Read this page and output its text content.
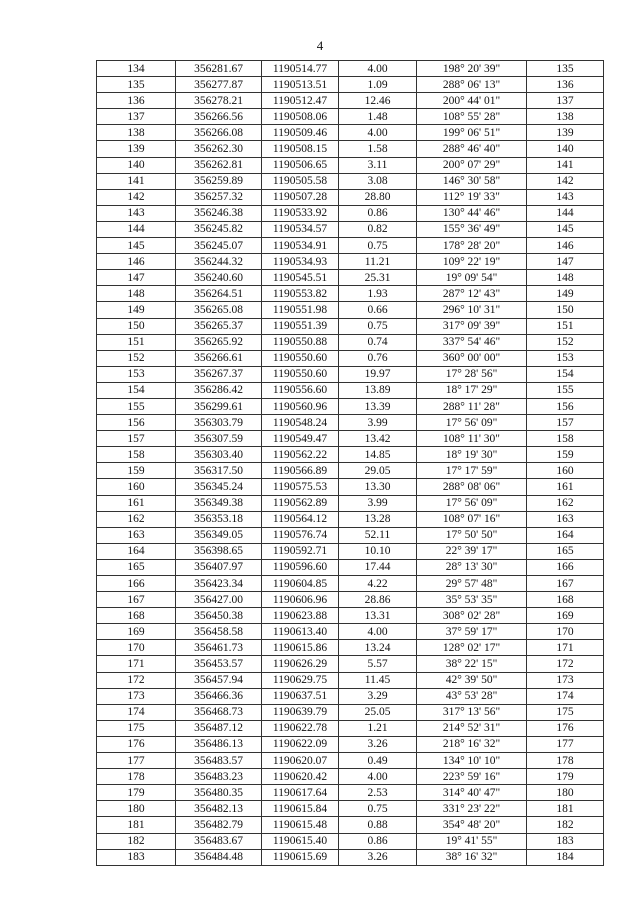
4
134	356281.67	1190514.77	4.00	198° 20' 39"	135
135	356277.87	1190513.51	1.09	288° 06' 13"	136
136	356278.21	1190512.47	12.46	200° 44' 01"	137
137	356266.56	1190508.06	1.48	108° 55' 28"	138
138	356266.08	1190509.46	4.00	199° 06' 51"	139
139	356262.30	1190508.15	1.58	288° 46' 40"	140
140	356262.81	1190506.65	3.11	200° 07' 29"	141
141	356259.89	1190505.58	3.08	146° 30' 58"	142
142	356257.32	1190507.28	28.80	112° 19' 33"	143
143	356246.38	1190533.92	0.86	130° 44' 46"	144
144	356245.82	1190534.57	0.82	155° 36' 49"	145
145	356245.07	1190534.91	0.75	178° 28' 20"	146
146	356244.32	1190534.93	11.21	109° 22' 19"	147
147	356240.60	1190545.51	25.31	19° 09' 54"	148
148	356264.51	1190553.82	1.93	287° 12' 43"	149
149	356265.08	1190551.98	0.66	296° 10' 31"	150
150	356265.37	1190551.39	0.75	317° 09' 39"	151
151	356265.92	1190550.88	0.74	337° 54' 46"	152
152	356266.61	1190550.60	0.76	360° 00' 00"	153
153	356267.37	1190550.60	19.97	17° 28' 56"	154
154	356286.42	1190556.60	13.89	18° 17' 29"	155
155	356299.61	1190560.96	13.39	288° 11' 28"	156
156	356303.79	1190548.24	3.99	17° 56' 09"	157
157	356307.59	1190549.47	13.42	108° 11' 30"	158
158	356303.40	1190562.22	14.85	18° 19' 30"	159
159	356317.50	1190566.89	29.05	17° 17' 59"	160
160	356345.24	1190575.53	13.30	288° 08' 06"	161
161	356349.38	1190562.89	3.99	17° 56' 09"	162
162	356353.18	1190564.12	13.28	108° 07' 16"	163
163	356349.05	1190576.74	52.11	17° 50' 50"	164
164	356398.65	1190592.71	10.10	22° 39' 17"	165
165	356407.97	1190596.60	17.44	28° 13' 30"	166
166	356423.34	1190604.85	4.22	29° 57' 48"	167
167	356427.00	1190606.96	28.86	35° 53' 35"	168
168	356450.38	1190623.88	13.31	308° 02' 28"	169
169	356458.58	1190613.40	4.00	37° 59' 17"	170
170	356461.73	1190615.86	13.24	128° 02' 17"	171
171	356453.57	1190626.29	5.57	38° 22' 15"	172
172	356457.94	1190629.75	11.45	42° 39' 50"	173
173	356466.36	1190637.51	3.29	43° 53' 28"	174
174	356468.73	1190639.79	25.05	317° 13' 56"	175
175	356487.12	1190622.78	1.21	214° 52' 31"	176
176	356486.13	1190622.09	3.26	218° 16' 32"	177
177	356483.57	1190620.07	0.49	134° 10' 10"	178
178	356483.23	1190620.42	4.00	223° 59' 16"	179
179	356480.35	1190617.64	2.53	314° 40' 47"	180
180	356482.13	1190615.84	0.75	331° 23' 22"	181
181	356482.79	1190615.48	0.88	354° 48' 20"	182
182	356483.67	1190615.40	0.86	19° 41' 55"	183
183	356484.48	1190615.69	3.26	38° 16' 32"	184
